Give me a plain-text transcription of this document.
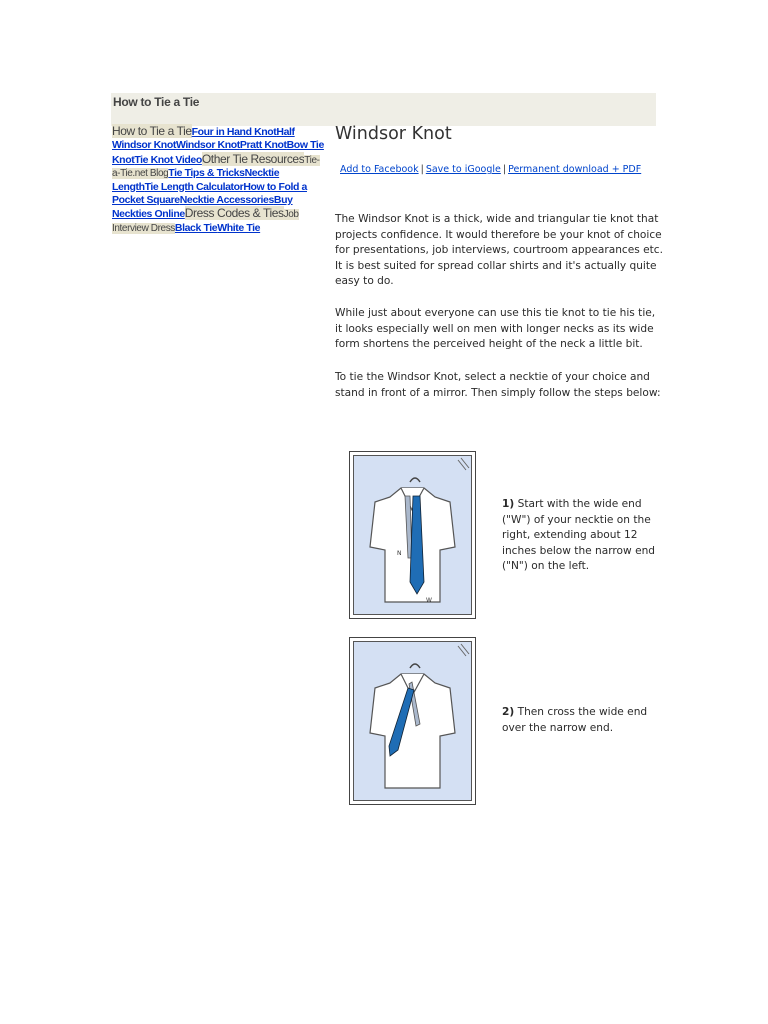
How to Tie a Tie
How to Tie a TieFour in Hand KnotHalf Windsor KnotWindsor KnotPratt KnotBow Tie KnotTie Knot VideoOther Tie ResourcesTie-a-Tie.net BlogTie Tips & TricksNecktie LengthTie Length CalculatorHow to Fold a Pocket SquareNecktie AccessoriesBuy Neckties OnlineDress Codes & TiesJob Interview DressBlack TieWhite Tie
Windsor Knot
Add to Facebook | Save to iGoogle | Permanent download + PDF

The Windsor Knot is a thick, wide and triangular tie knot that projects confidence. It would therefore be your knot of choice for presentations, job interviews, courtroom appearances etc. It is best suited for spread collar shirts and it's actually quite easy to do.

While just about everyone can use this tie knot to tie his tie, it looks especially well on men with longer necks as its wide form shortens the perceived height of the neck a little bit.

To tie the Windsor Knot, select a necktie of your choice and stand in front of a mirror. Then simply follow the steps below:

N
W

1) Start with the wide end ("W") of your necktie on the right, extending about 12 inches below the narrow end ("N") on the left.

2) Then cross the wide end over the narrow end.
